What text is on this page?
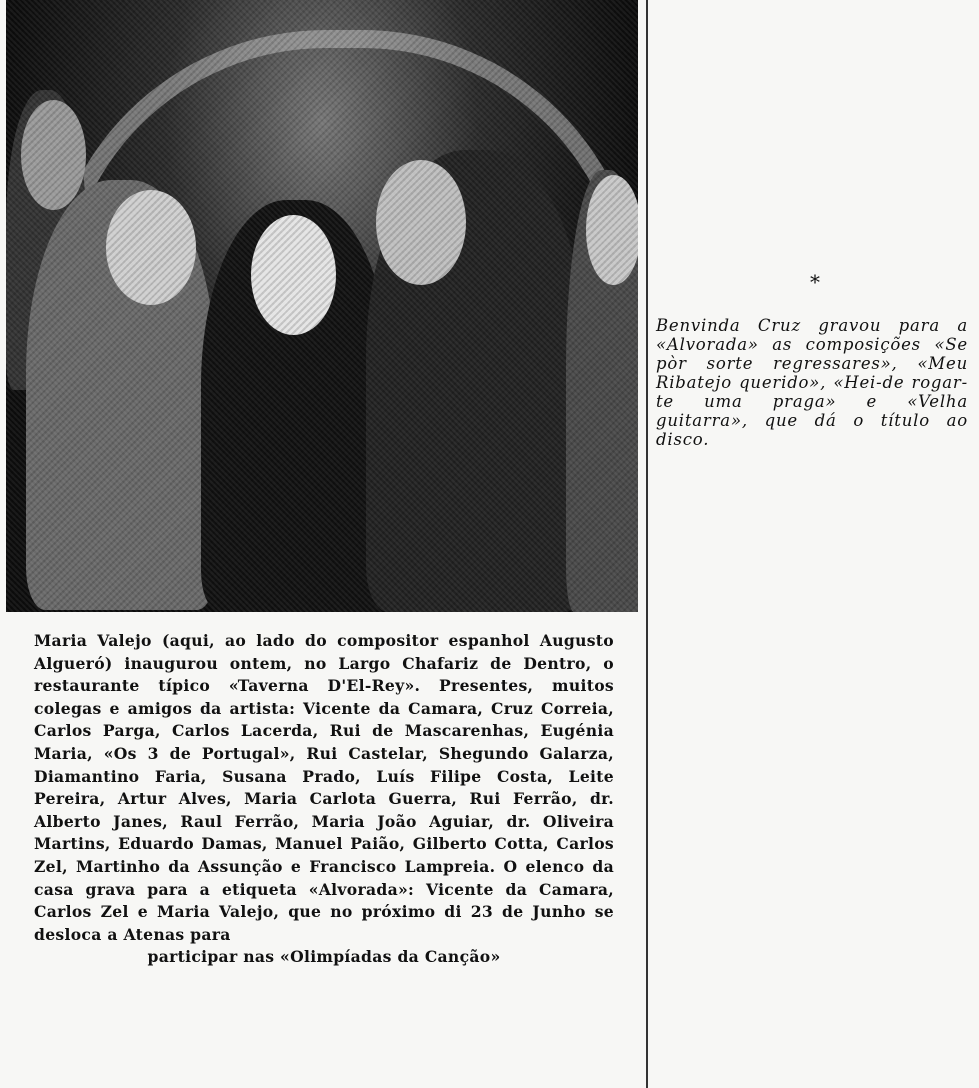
*
Benvinda Cruz gravou para a «Alvorada» as composições «Se pòr sorte regressares», «Meu Ribatejo querido», «Hei-de rogar-te uma praga» e «Velha guitarra», que dá o título ao disco.
Maria Valejo (aqui, ao lado do compositor espanhol Augusto Algueró) inaugurou ontem, no Largo Chafariz de Dentro, o restaurante típico «Taverna D'El-Rey». Presentes, muitos colegas e amigos da artista: Vicente da Camara, Cruz Correia, Carlos Parga, Carlos Lacerda, Rui de Mascarenhas, Eugénia Maria, «Os 3 de Portugal», Rui Castelar, Shegundo Galarza, Diamantino Faria, Susana Prado, Luís Filipe Costa, Leite Pereira, Artur Alves, Maria Carlota Guerra, Rui Ferrão, dr. Alberto Janes, Raul Ferrão, Maria João Aguiar, dr. Oliveira Martins, Eduardo Damas, Manuel Paião, Gilberto Cotta, Carlos Zel, Martinho da Assunção e Francisco Lampreia. O elenco da casa grava para a etiqueta «Alvorada»: Vicente da Camara, Carlos Zel e Maria Valejo, que no próximo di 23 de Junho se desloca a Atenas para
participar nas «Olimpíadas da Canção»
